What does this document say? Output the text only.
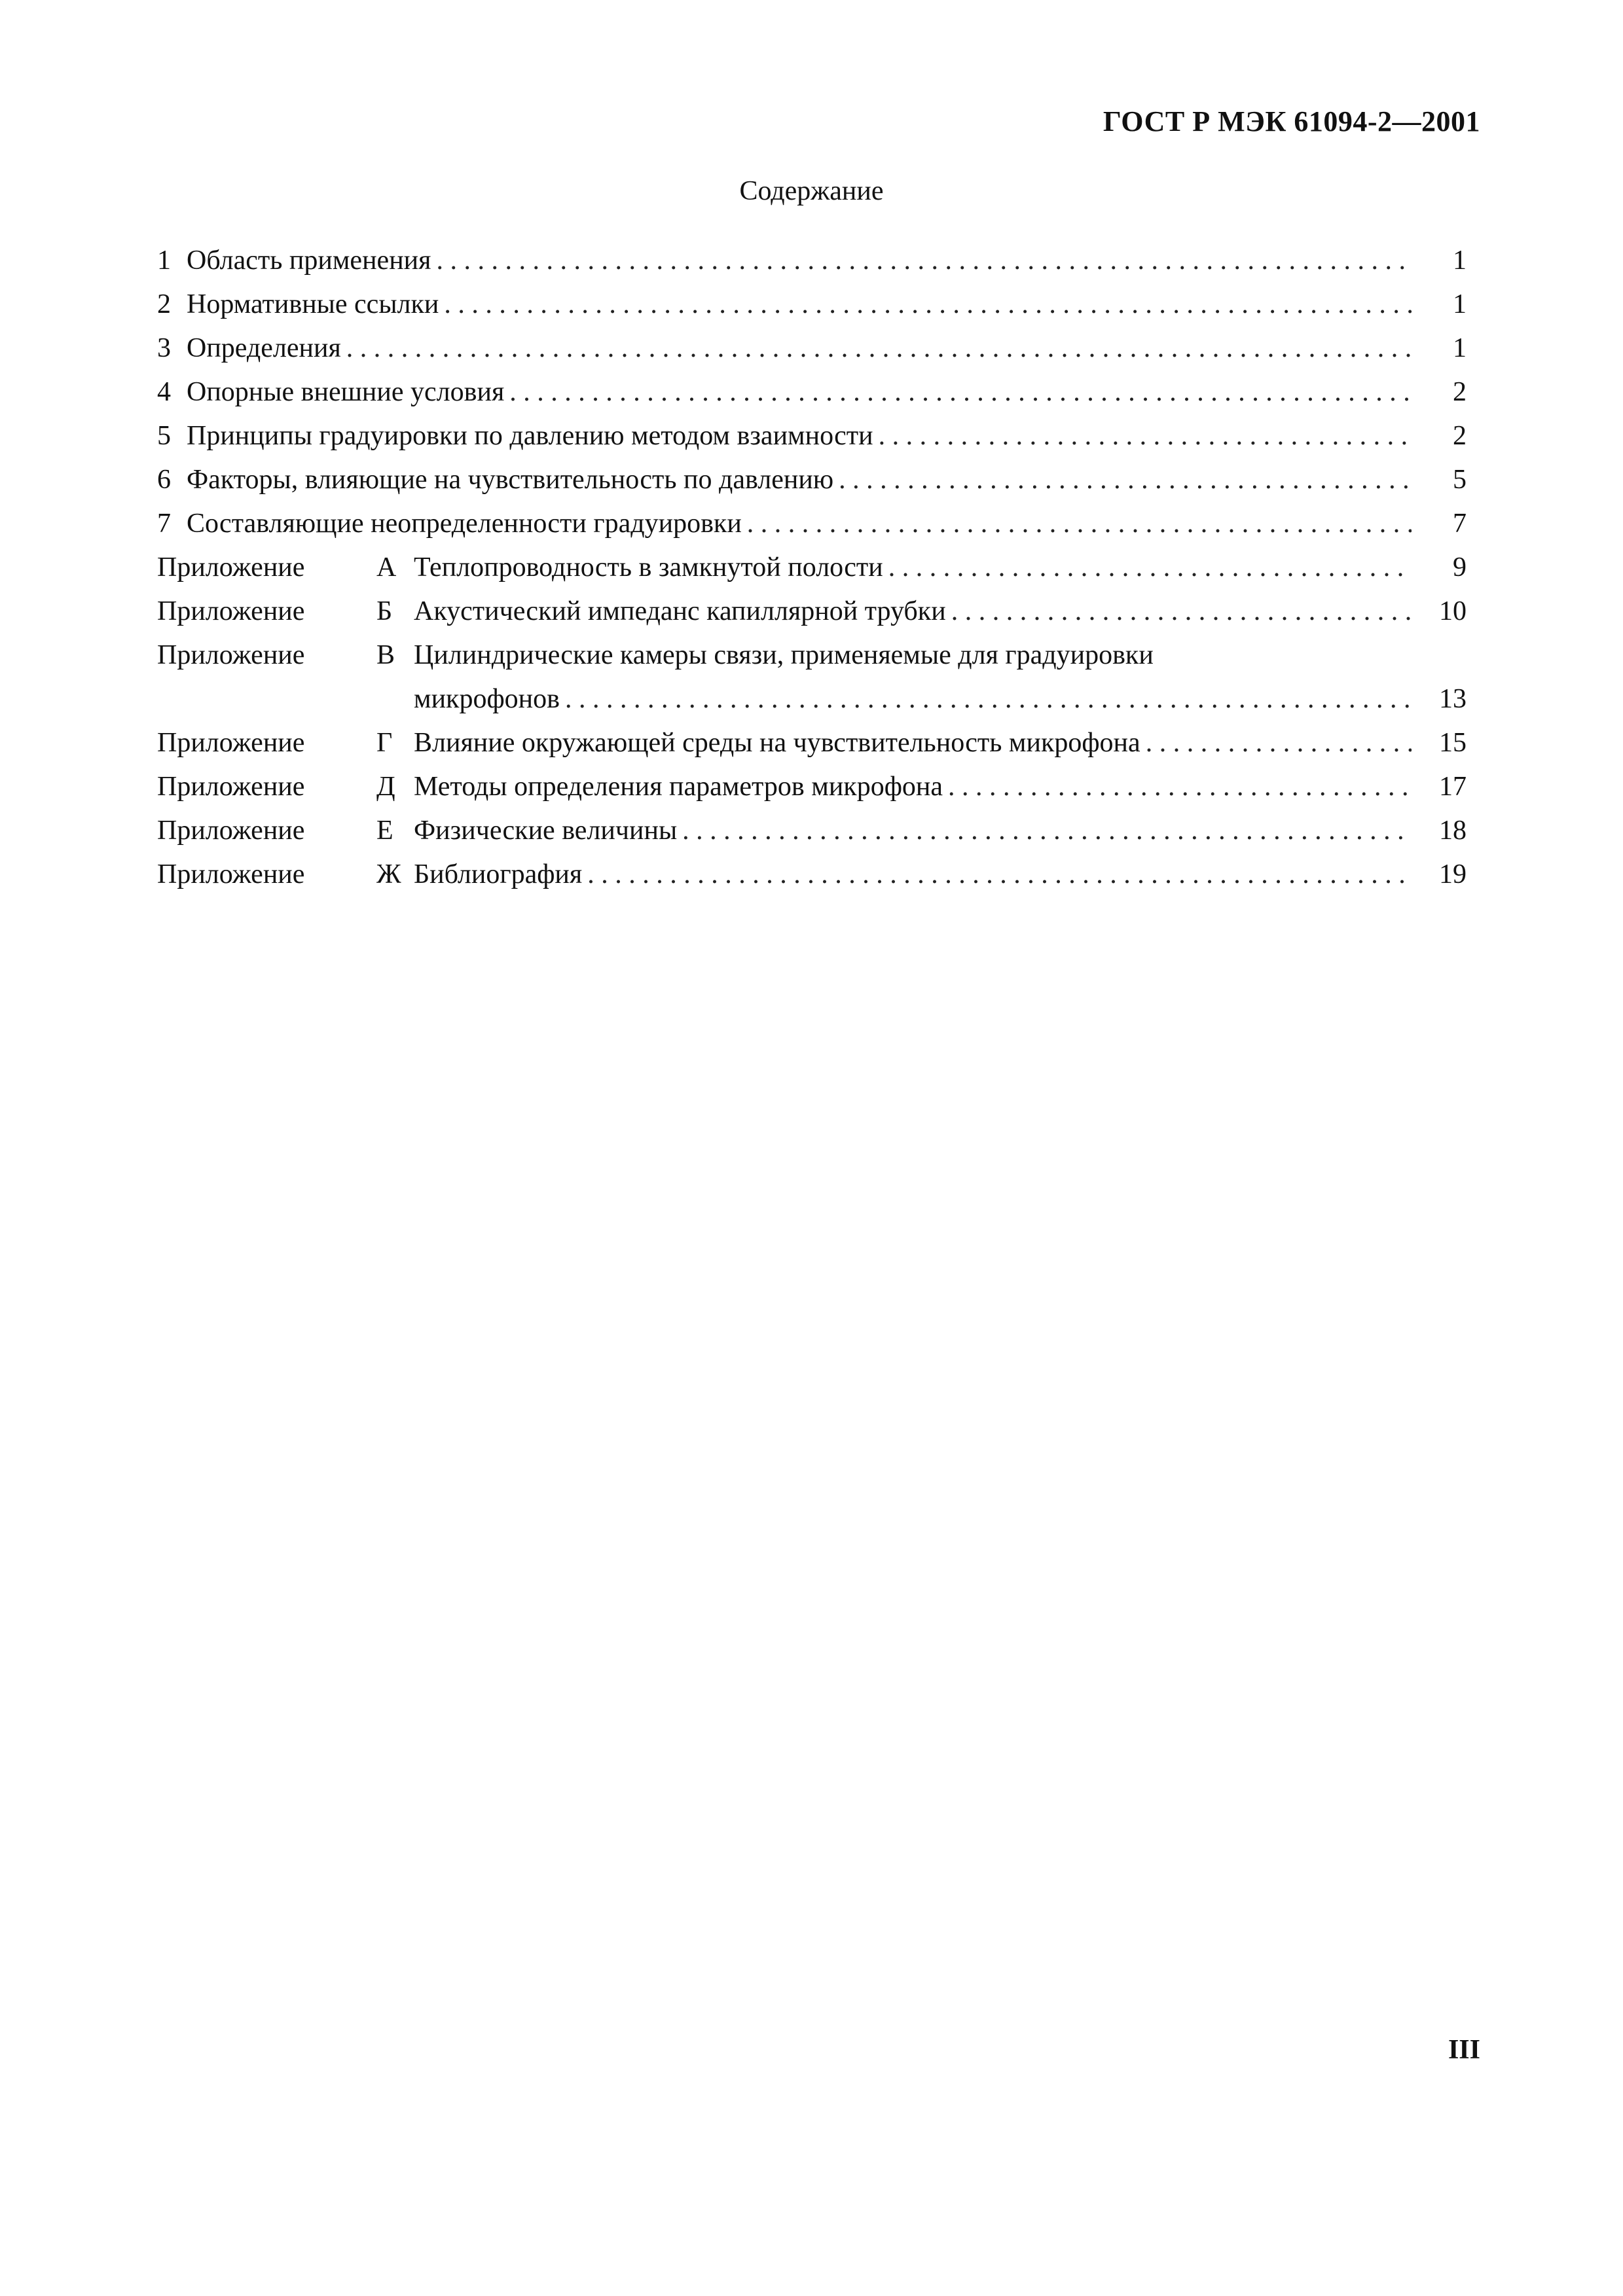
ГОСТ Р МЭК 61094-2—2001
Содержание
1 Область применения . . .	1
2 Нормативные ссылки . . .	1
3 Определения . . .	1
4 Опорные внешние условия . . .	2
5 Принципы градуировки по давлению методом взаимности . . .	2
6 Факторы, влияющие на чувствительность по давлению . . .	5
7 Составляющие неопределенности градуировки . . .	7
Приложение	А Теплопроводность в замкнутой полости . . .	9
Приложение	Б Акустический импеданс капиллярной трубки . . .	10
Приложение	В Цилиндрические камеры связи, применяемые для градуировки
микрофонов . . .	13
Приложение	Г Влияние окружающей среды на чувствительность микрофона . . .	15
Приложение	Д Методы определения параметров микрофона . . .	17
Приложение	Е Физические величины . . .	18
Приложение	Ж Библиография . . .	19
III
